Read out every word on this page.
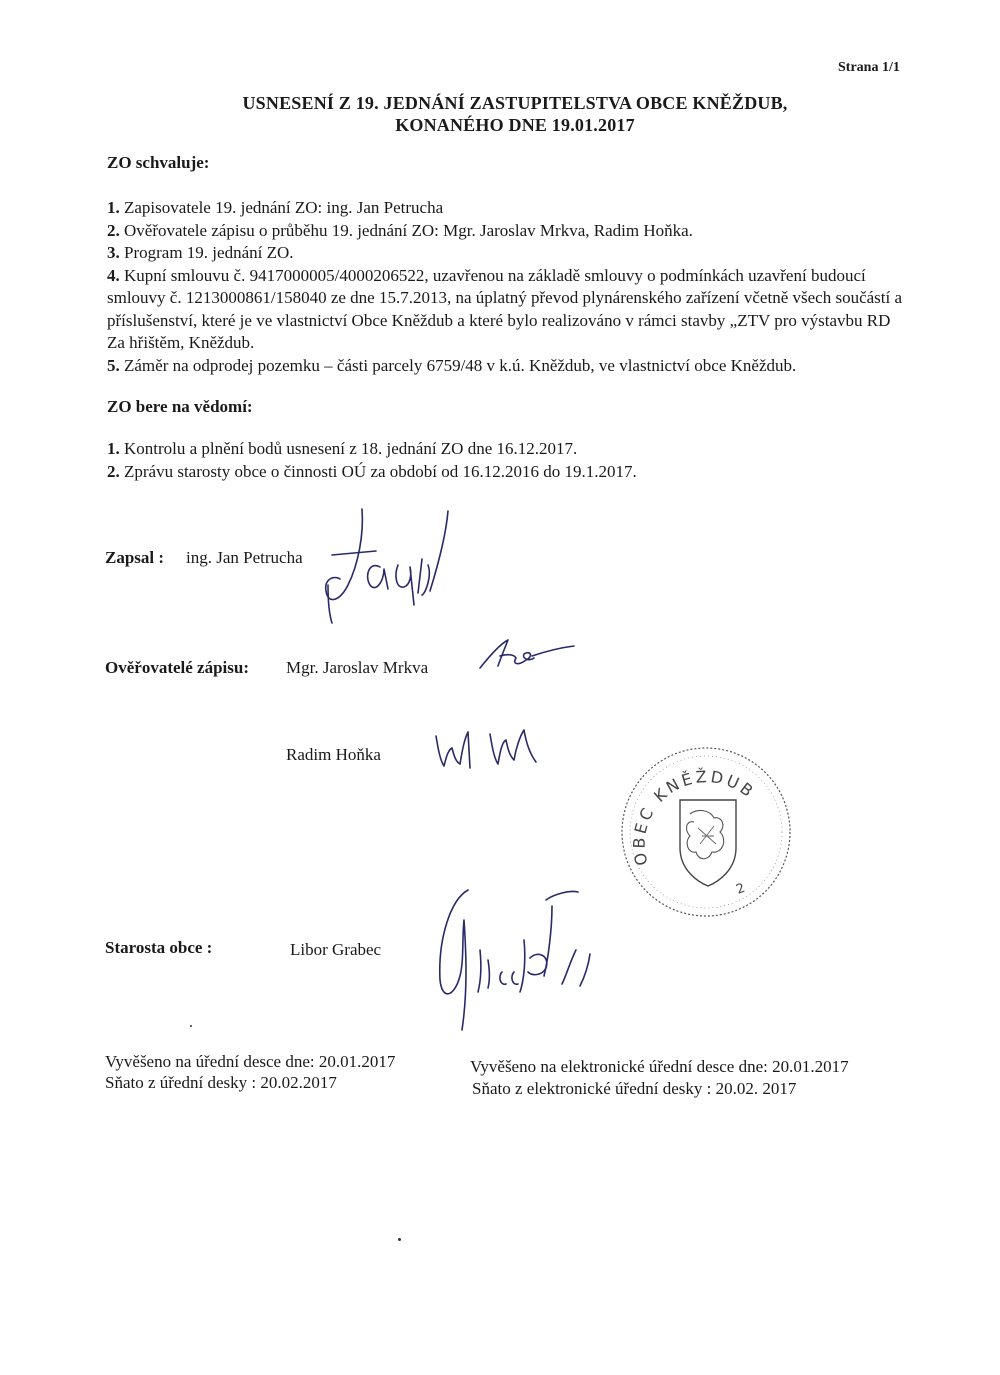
Strana 1/1
USNESENÍ Z 19. JEDNÁNÍ ZASTUPITELSTVA OBCE KNĚŽDUB,
KONANÉHO DNE 19.01.2017
ZO schvaluje:
1. Zapisovatele 19. jednání ZO: ing. Jan Petrucha
2. Ověřovatele zápisu o průběhu 19. jednání ZO: Mgr. Jaroslav Mrkva, Radim Hoňka.
3. Program 19. jednání ZO.
4. Kupní smlouvu č. 9417000005/4000206522, uzavřenou na základě smlouvy o podmínkách uzavření budoucí smlouvy č. 1213000861/158040 ze dne 15.7.2013, na úplatný převod plynárenského zařízení včetně všech součástí a příslušenství, které je ve vlastnictví Obce Kněždub a které bylo realizováno v rámci stavby „ZTV pro výstavbu RD Za hřištěm, Kněždub.
5. Záměr na odprodej pozemku – části parcely 6759/48 v k.ú. Kněždub, ve vlastnictví obce Kněždub.
ZO bere na vědomí:
1. Kontrolu a plnění bodů usnesení z 18. jednání ZO dne 16.12.2017.
2. Zprávu starosty obce o činnosti OÚ za období od 16.12.2016 do 19.1.2017.
Zapsal : ing. Jan Petrucha
Ověřovatelé zápisu: Mgr. Jaroslav Mrkva
Radim Hoňka
OBEC KNĚŽDUB
2
Starosta obce :	Libor Grabec
Vyvěšeno na úřední desce dne: 20.01.2017
Sňato z úřední desky : 20.02.2017
Vyvěšeno na elektronické úřední desce dne: 20.01.2017
Sňato z elektronické úřední desky : 20.02. 2017
